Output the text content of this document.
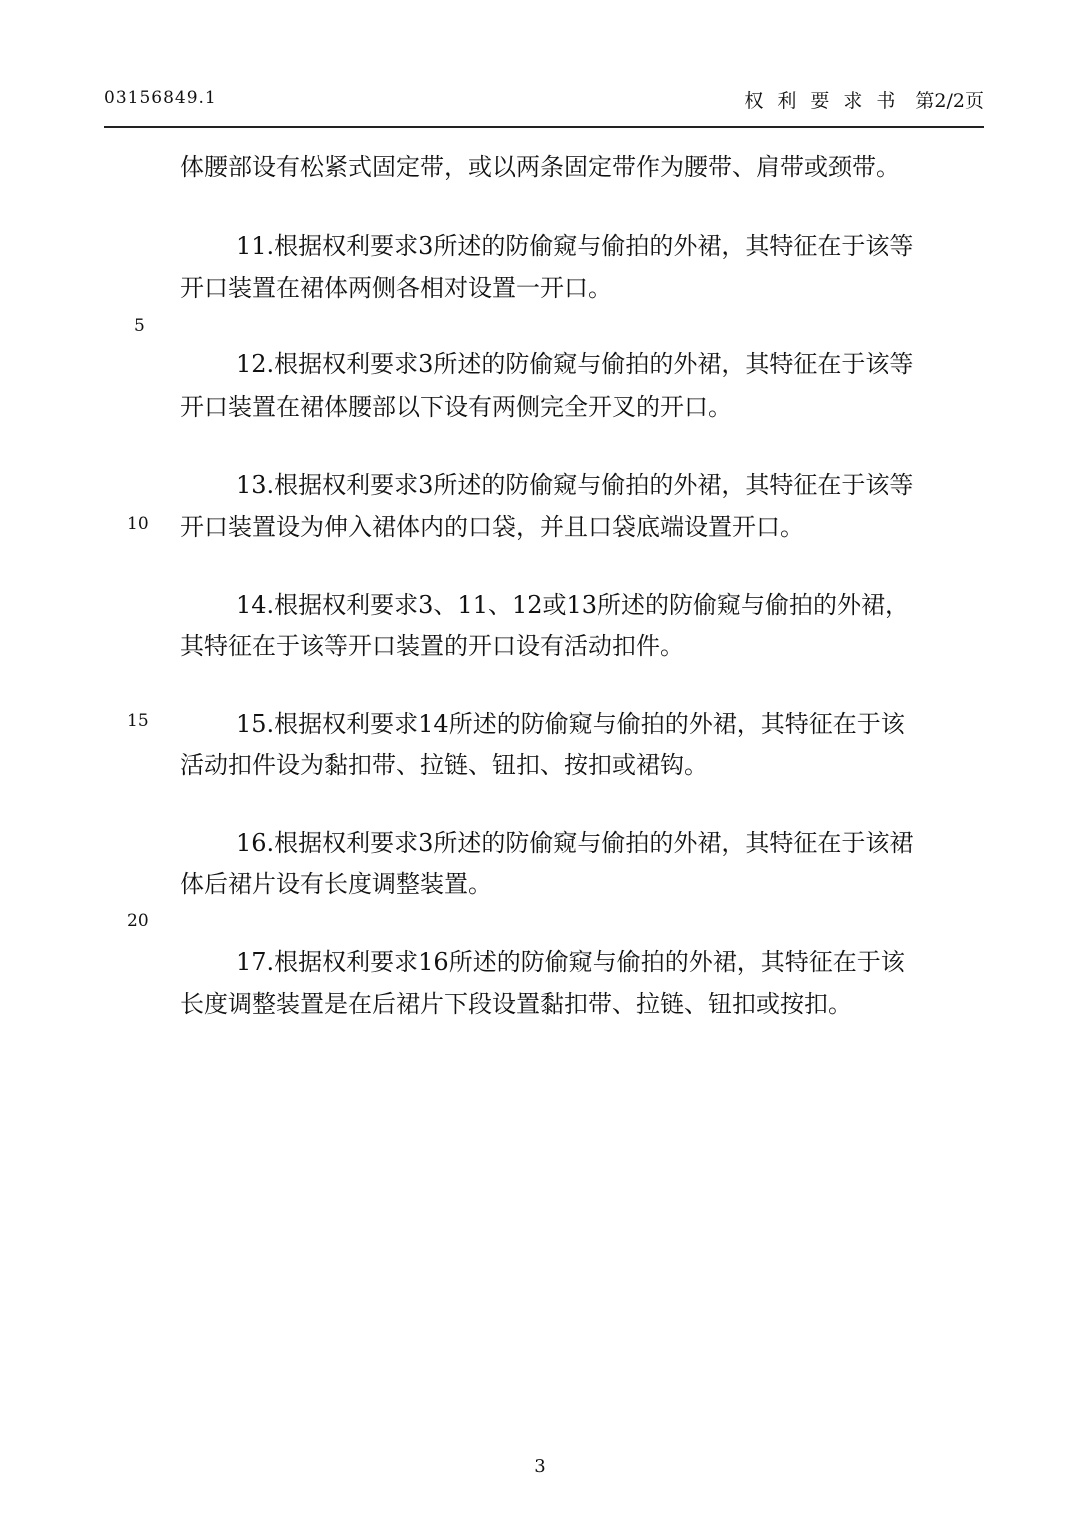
03156849.1	权利要求书 第2/2页
体腰部设有松紧式固定带，或以两条固定带作为腰带、肩带或颈带。
11.根据权利要求3所述的防偷窥与偷拍的外裙，其特征在于该等
开口装置在裙体两侧各相对设置一开口。
5
12.根据权利要求3所述的防偷窥与偷拍的外裙，其特征在于该等
开口装置在裙体腰部以下设有两侧完全开叉的开口。
13.根据权利要求3所述的防偷窥与偷拍的外裙，其特征在于该等
10 开口装置设为伸入裙体内的口袋，并且口袋底端设置开口。
14.根据权利要求3、11、12或13所述的防偷窥与偷拍的外裙，
其特征在于该等开口装置的开口设有活动扣件。
15	15.根据权利要求14所述的防偷窥与偷拍的外裙，其特征在于该
活动扣件设为黏扣带、拉链、钮扣、按扣或裙钩。
16.根据权利要求3所述的防偷窥与偷拍的外裙，其特征在于该裙
体后裙片设有长度调整装置。
20
17.根据权利要求16所述的防偷窥与偷拍的外裙，其特征在于该
长度调整装置是在后裙片下段设置黏扣带、拉链、钮扣或按扣。
3
